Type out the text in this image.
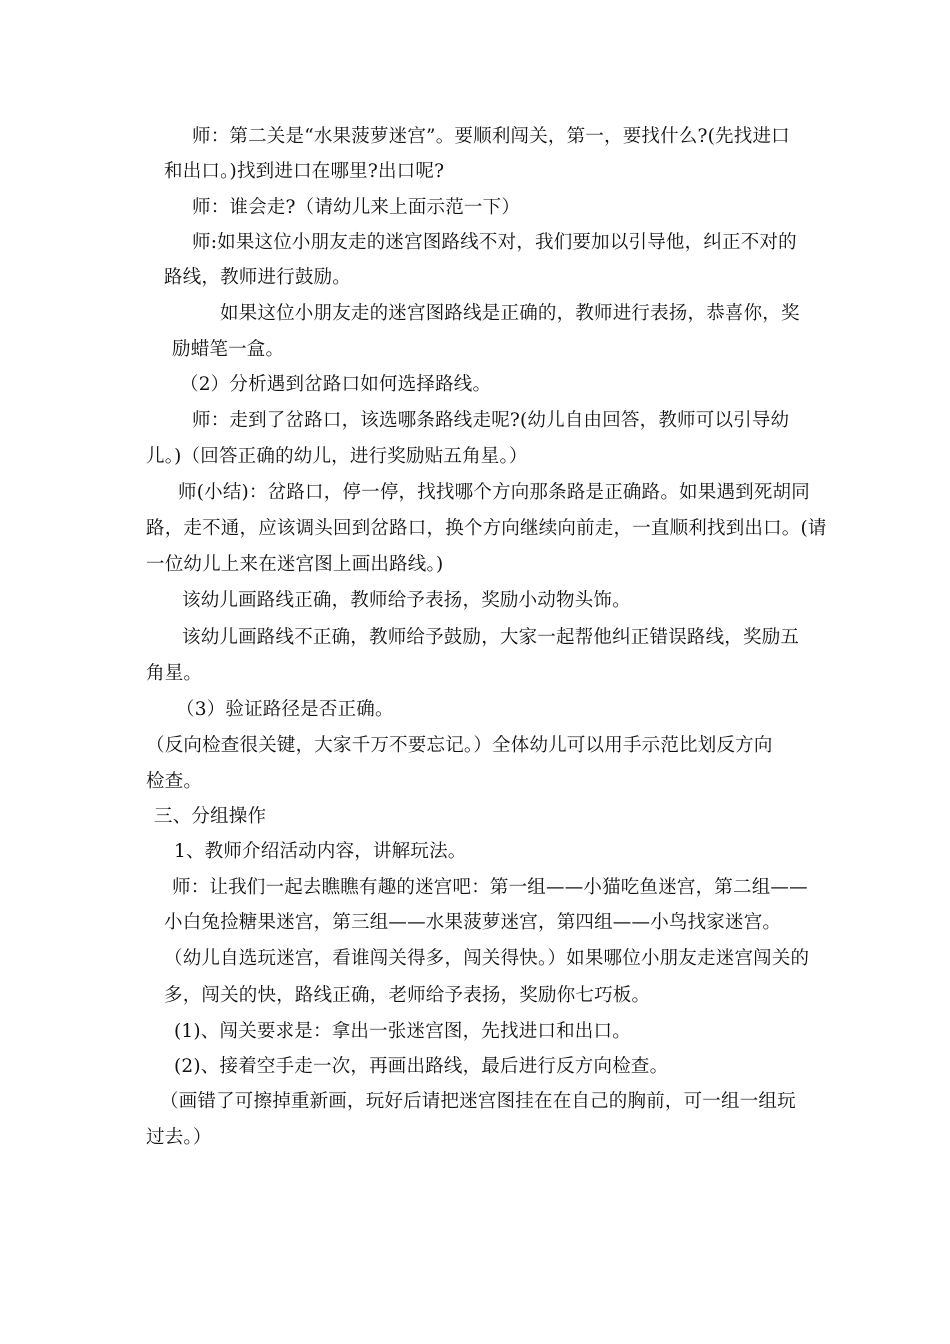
师：第二关是“水果菠萝迷宫”。要顺利闯关，第一，要找什么?(先找进口

和出口。)找到进口在哪里?出口呢?

师：谁会走?（请幼儿来上面示范一下）

师:如果这位小朋友走的迷宫图路线不对，我们要加以引导他，纠正不对的

路线，教师进行鼓励。

如果这位小朋友走的迷宫图路线是正确的，教师进行表扬，恭喜你，奖

励蜡笔一盒。

（2）分析遇到岔路口如何选择路线。

师：走到了岔路口，该选哪条路线走呢?(幼儿自由回答，教师可以引导幼

儿。)（回答正确的幼儿，进行奖励贴五角星。）

师(小结)：岔路口，停一停，找找哪个方向那条路是正确路。如果遇到死胡同

路，走不通，应该调头回到岔路口，换个方向继续向前走，一直顺利找到出口。(请

一位幼儿上来在迷宫图上画出路线。)

该幼儿画路线正确，教师给予表扬，奖励小动物头饰。

该幼儿画路线不正确，教师给予鼓励，大家一起帮他纠正错误路线，奖励五

角星。

（3）验证路径是否正确。

（反向检查很关键，大家千万不要忘记。）全体幼儿可以用手示范比划反方向

检查。

三、分组操作

1、教师介绍活动内容，讲解玩法。

师：让我们一起去瞧瞧有趣的迷宫吧：第一组——小猫吃鱼迷宫，第二组——

小白兔捡糖果迷宫，第三组——水果菠萝迷宫，第四组——小鸟找家迷宫。

（幼儿自选玩迷宫，看谁闯关得多，闯关得快。）如果哪位小朋友走迷宫闯关的

多，闯关的快，路线正确，老师给予表扬，奖励你七巧板。

(1)、闯关要求是：拿出一张迷宫图，先找进口和出口。

(2)、接着空手走一次，再画出路线，最后进行反方向检查。

（画错了可擦掉重新画，玩好后请把迷宫图挂在在自己的胸前，可一组一组玩

过去。）
